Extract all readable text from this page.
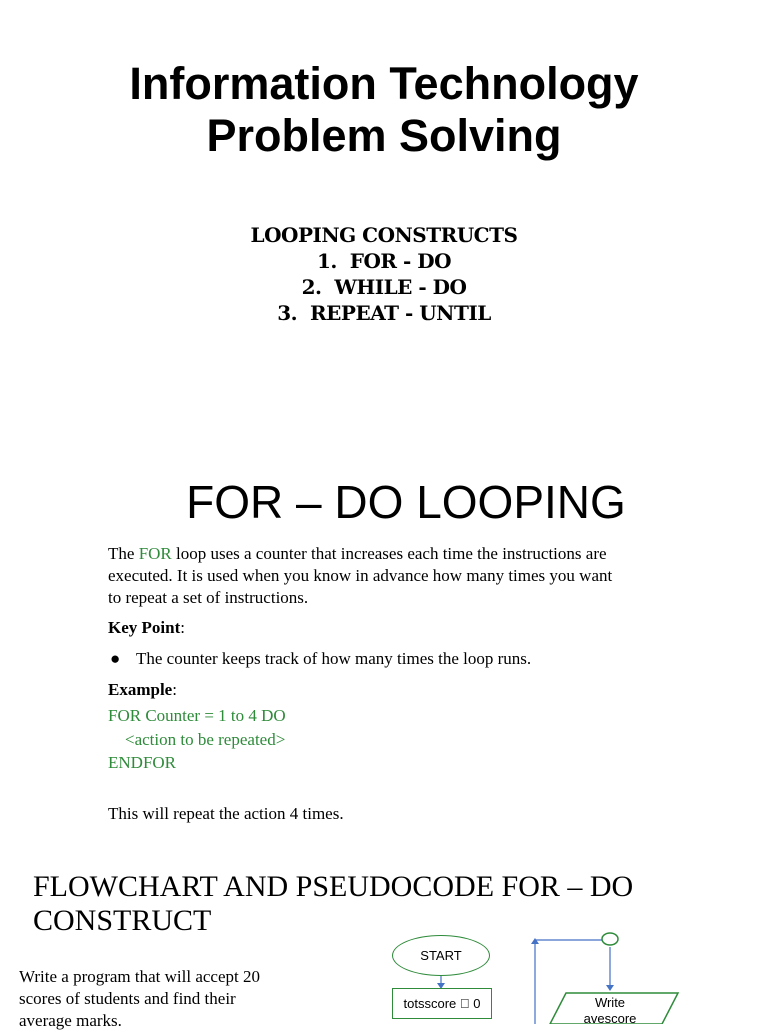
Information Technology
Problem Solving
LOOPING CONSTRUCTS
1. FOR - DO
2. WHILE - DO
3. REPEAT - UNTIL
FOR – DO LOOPING
The FOR loop uses a counter that increases each time the instructions are
executed. It is used when you know in advance how many times you want
to repeat a set of instructions.
Key Point:
● The counter keeps track of how many times the loop runs.
Example:
FOR Counter = 1 to 4 DO
<action to be repeated>
ENDFOR
This will repeat the action 4 times.
FLOWCHART AND PSEUDOCODE FOR – DO
CONSTRUCT
Write a program that will accept 20
scores of students and find their
average marks.
START
totsscore 0	Write
avescore
